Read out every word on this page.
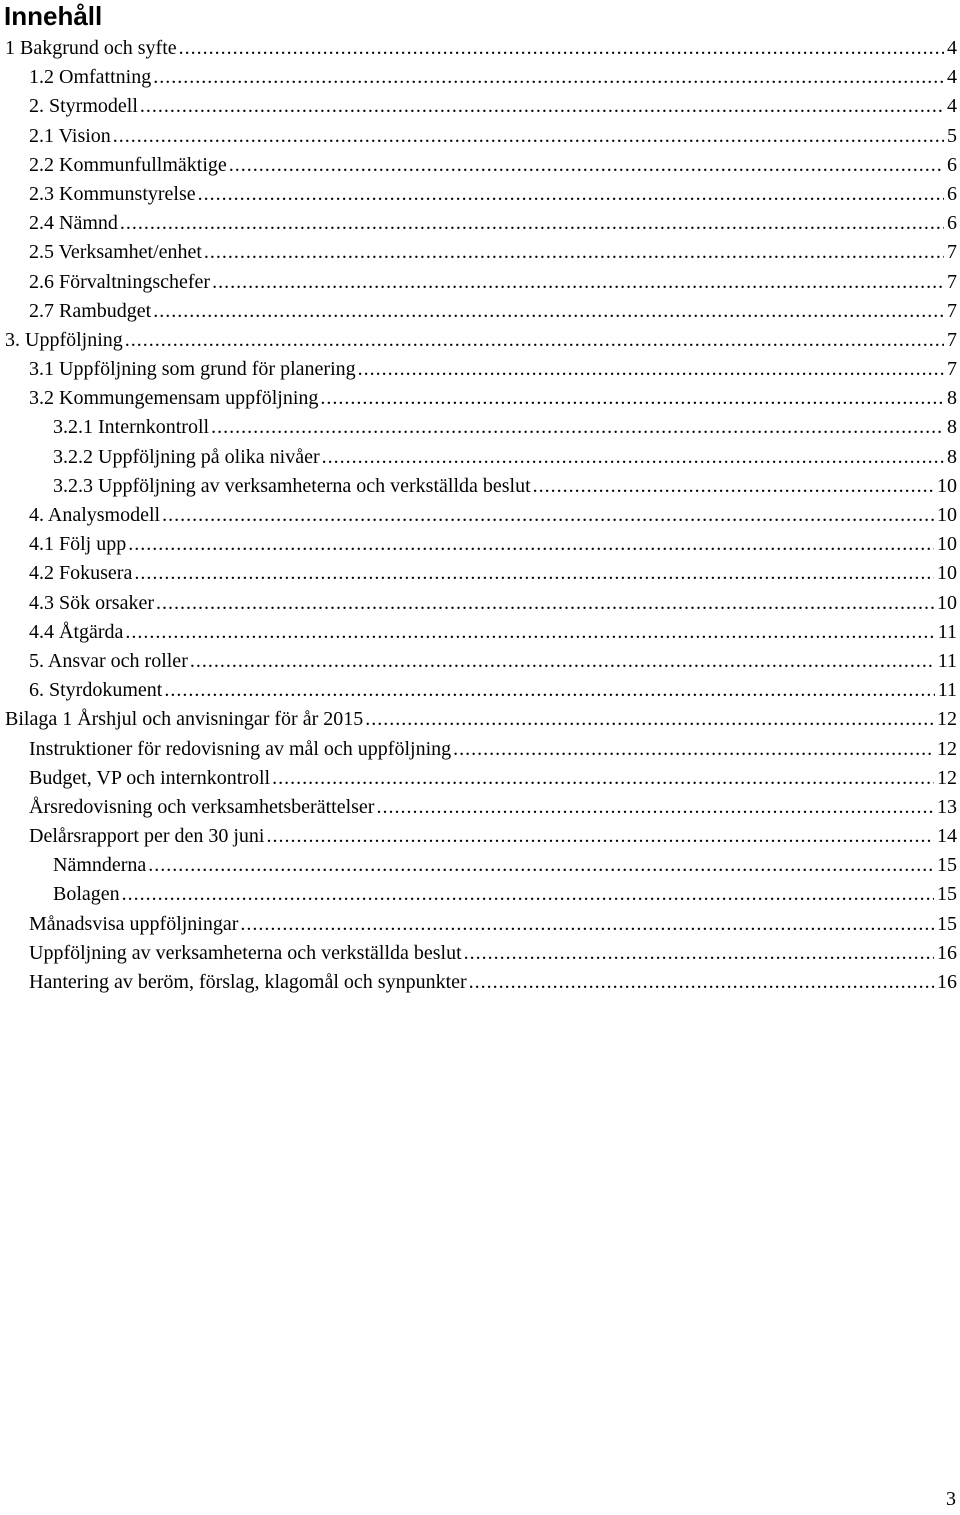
Innehåll
1 Bakgrund och syfte .....	4
1.2 Omfattning .....	4
2. Styrmodell .....	4
2.1 Vision .....	5
2.2 Kommunfullmäktige .....	6
2.3 Kommunstyrelse .....	6
2.4 Nämnd .....	6
2.5 Verksamhet/enhet .....	7
2.6 Förvaltningschefer .....	7
2.7 Rambudget .....	7
3. Uppföljning .....	7
3.1 Uppföljning som grund för planering .....	7
3.2 Kommungemensam uppföljning .....	8
3.2.1 Internkontroll .....	8
3.2.2 Uppföljning på olika nivåer .....	8
3.2.3 Uppföljning av verksamheterna och verkställda beslut .....	10
4. Analysmodell .....	10
4.1 Följ upp .....	10
4.2 Fokusera .....	10
4.3 Sök orsaker .....	10
4.4 Åtgärda .....	11
5. Ansvar och roller .....	11
6. Styrdokument .....	11
Bilaga 1 Årshjul och anvisningar för år 2015 .....	12
Instruktioner för redovisning av mål och uppföljning .....	12
Budget, VP och internkontroll .....	12
Årsredovisning och verksamhetsberättelser .....	13
Delårsrapport per den 30 juni .....	14
Nämnderna .....	15
Bolagen .....	15
Månadsvisa uppföljningar .....	15
Uppföljning av verksamheterna och verkställda beslut .....	16
Hantering av beröm, förslag, klagomål och synpunkter .....	16
3
